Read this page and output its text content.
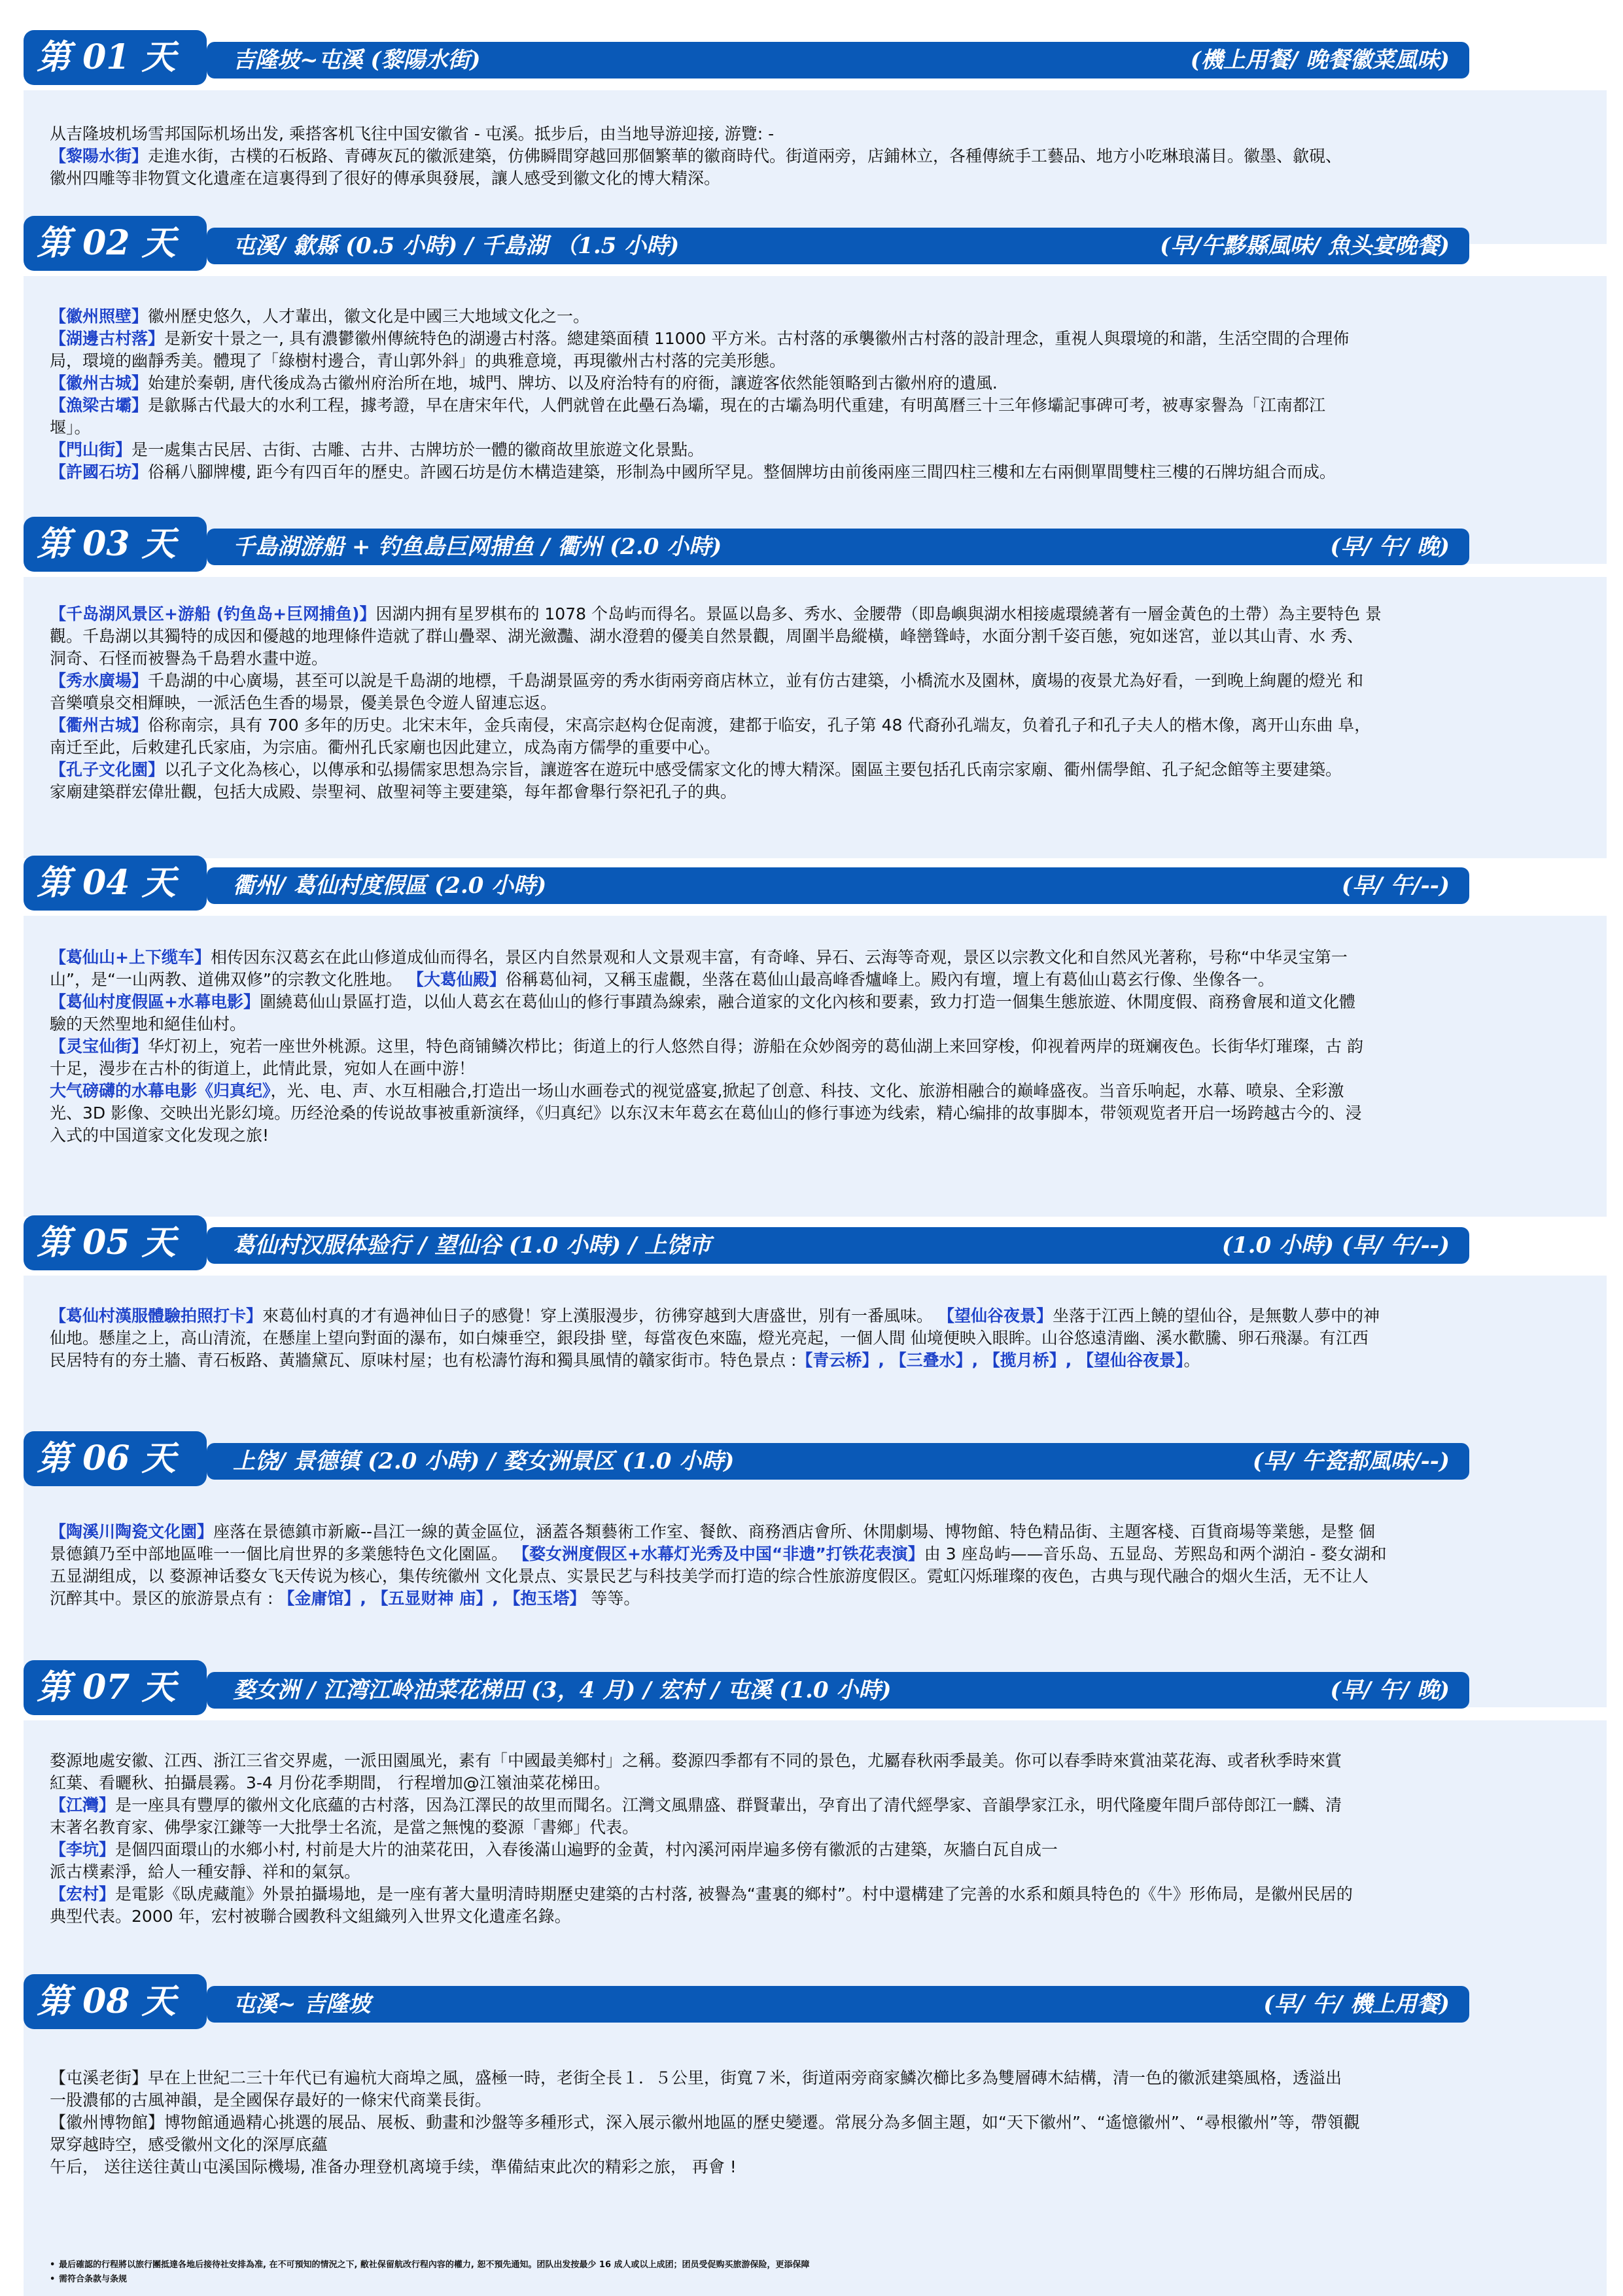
第 01 天	吉隆坡~屯溪 (黎陽水街)	(機上用餐/ 晚餐徽菜風味)

从吉隆坡机场雪邦国际机场出发, 乘搭客机飞往中国安徽省 - 屯溪。抵步后，由当地导游迎接, 游覽: -

【黎陽水街】走進水街，古樸的石板路、青磚灰瓦的徽派建築，仿佛瞬間穿越回那個繁華的徽商時代。街道兩旁，店鋪林立，各種傳統手工藝品、地方小吃琳琅滿目。徽墨、歙硯、

徽州四雕等非物質文化遺產在這裏得到了很好的傳承與發展，讓人感受到徽文化的博大精深。

第 02 天	屯溪/ 歙縣 (0.5 小時) / 千島湖 （1.5 小時)	(早/午黟縣風味/ 魚头宴晚餐)

【徽州照壁】徽州歷史悠久，人才輩出，徽文化是中國三大地域文化之一。

【湖邊古村落】是新安十景之一, 具有濃鬱徽州傳統特色的湖邊古村落。總建築面積 11000 平方米。古村落的承襲徽州古村落的設計理念，重視人與環境的和諧，生活空間的合理佈

局，環境的幽靜秀美。體現了「綠樹村邊合，青山郭外斜」的典雅意境，再現徽州古村落的完美形態。

【徽州古城】始建於秦朝, 唐代後成為古徽州府治所在地，城門、牌坊、以及府治特有的府衙，讓遊客依然能領略到古徽州府的遺風.

【漁梁古壩】是歙縣古代最大的水利工程，據考證，早在唐宋年代，人們就曾在此壘石為壩，現在的古壩為明代重建，有明萬曆三十三年修壩記事碑可考，被專家譽為「江南都江

堰」。

【門山街】是一處集古民居、古街、古雕、古井、古牌坊於一體的徽商故里旅遊文化景點。

【許國石坊】俗稱八腳牌樓, 距今有四百年的歷史。許國石坊是仿木構造建築，形制為中國所罕見。整個牌坊由前後兩座三間四柱三樓和左右兩側單間雙柱三樓的石牌坊組合而成。

第 03 天	千島湖游船 + 钓鱼島巨网捕鱼 / 衢州 (2.0 小時)	(早/ 午/ 晚)

【千岛湖风景区+游船 (钓鱼岛+巨网捕鱼)】因湖内拥有星罗棋布的 1078 个岛屿而得名。景區以島多、秀水、金腰帶（即島嶼與湖水相接處環繞著有一層金黃色的土帶）為主要特色 景

觀。千島湖以其獨特的成因和優越的地理條件造就了群山疊翠、湖光瀲灩、湖水澄碧的優美自然景觀，周圍半島縱橫，峰巒聳峙，水面分割千姿百態，宛如迷宮，並以其山青、水 秀、

洞奇、石怪而被譽為千島碧水畫中遊。

【秀水廣場】千島湖的中心廣場，甚至可以說是千島湖的地標，千島湖景區旁的秀水街兩旁商店林立，並有仿古建築，小橋流水及園林，廣場的夜景尤為好看，一到晚上絢麗的燈光 和

音樂噴泉交相輝映，一派活色生香的場景，優美景色令遊人留連忘返。

【衢州古城】俗称南宗，具有 700 多年的历史。北宋末年，金兵南侵，宋高宗赵构仓促南渡，建都于临安，孔子第 48 代裔孙孔端友，负着孔子和孔子夫人的楷木像，离开山东曲 阜，

南迁至此，后敕建孔氏家庙，为宗庙。衢州孔氏家廟也因此建立，成為南方儒學的重要中心。

【孔子文化園】以孔子文化為核心，以傳承和弘揚儒家思想為宗旨，讓遊客在遊玩中感受儒家文化的博大精深。園區主要包括孔氏南宗家廟、衢州儒學館、孔子紀念館等主要建築。

家廟建築群宏偉壯觀，包括大成殿、崇聖祠、啟聖祠等主要建築，每年都會舉行祭祀孔子的典。

第 04 天	衢州/ 葛仙村度假區 (2.0 小時)	(早/ 午/--)

【葛仙山+上下缆车】相传因东汉葛玄在此山修道成仙而得名，景区内自然景观和人文景观丰富，有奇峰、异石、云海等奇观，景区以宗教文化和自然风光著称，号称“中华灵宝第一

山”，是“一山两教、道佛双修”的宗教文化胜地。 【大葛仙殿】俗稱葛仙祠，又稱玉虛觀，坐落在葛仙山最高峰香爐峰上。殿內有壇，壇上有葛仙山葛玄行像、坐像各一。

【葛仙村度假區+水幕电影】圍繞葛仙山景區打造，以仙人葛玄在葛仙山的修行事蹟為線索，融合道家的文化內核和要素，致力打造一個集生態旅遊、休閒度假、商務會展和道文化體

驗的天然聖地和絕佳仙村。

【灵宝仙街】华灯初上，宛若一座世外桃源。这里，特色商铺鳞次栉比；街道上的行人悠然自得；游船在众妙阁旁的葛仙湖上来回穿梭，仰视着两岸的斑斓夜色。长街华灯璀璨，古 韵

十足，漫步在古朴的街道上，此情此景，宛如人在画中游！

大气磅礴的水幕电影《归真纪》，光、电、声、水互相融合,打造出一场山水画卷式的视觉盛宴,掀起了创意、科技、文化、旅游相融合的巅峰盛夜。当音乐响起，水幕、喷泉、全彩激

光、3D 影像、交映出光影幻境。历经沧桑的传说故事被重新演绎，《归真纪》以东汉末年葛玄在葛仙山的修行事迹为线索，精心编排的故事脚本，带领观览者开启一场跨越古今的、浸

入式的中国道家文化发现之旅!

第 05 天	葛仙村汉服体验行 / 望仙谷 (1.0 小時) / 上饶市	(1.0 小時) (早/ 午/--)

【葛仙村漢服體驗拍照打卡】來葛仙村真的才有過神仙日子的感覺！穿上漢服漫步，彷彿穿越到大唐盛世，別有一番風味。 【望仙谷夜景】坐落于江西上饒的望仙谷，是無數人夢中的神

仙地。懸崖之上，高山清流，在懸崖上望向對面的瀑布，如白煉垂空，銀段掛 壁，每當夜色來臨，燈光亮起，一個人間 仙境便映入眼眸。山谷悠遠清幽、溪水歡騰、卵石飛瀑。有江西

民居特有的夯土牆、青石板路、黃牆黛瓦、原味村屋；也有松濤竹海和獨具風情的贛家街市。特色景点 :【青云桥】, 【三叠水】, 【揽月桥】, 【望仙谷夜景】。

第 06 天	上饶/ 景德镇 (2.0 小時) / 婺女洲景区 (1.0 小時)	(早/ 午瓷都風味/--)

【陶溪川陶瓷文化園】座落在景德鎮市新廠--昌江一線的黃金區位，涵蓋各類藝術工作室、餐飲、商務酒店會所、休閒劇場、博物館、特色精品街、主題客棧、百貨商場等業態，是整 個

景德鎮乃至中部地區唯一一個比肩世界的多業態特色文化園區。 【婺女洲度假区+水幕灯光秀及中国“非遗”打铁花表演】由 3 座岛屿——音乐岛、五显岛、芳熙岛和两个湖泊 - 婺女湖和

五显湖组成，以 婺源神话婺女飞天传说为核心，集传统徽州 文化景点、实景民艺与科技美学而打造的综合性旅游度假区。霓虹闪烁璀璨的夜色，古典与现代融合的烟火生活，无不让人

沉醉其中。景区的旅游景点有 : 【金庸馆】, 【五显财神 庙】, 【抱玉塔】 等等。

第 07 天	婺女洲 / 江湾江岭油菜花梯田 (3，4 月) / 宏村 / 屯溪 (1.0 小時)	(早/ 午/ 晚)

婺源地處安徽、江西、浙江三省交界處，一派田園風光，素有「中國最美鄉村」之稱。婺源四季都有不同的景色，尤屬春秋兩季最美。你可以春季時來賞油菜花海、或者秋季時來賞

紅葉、看曬秋、拍攝晨霧。3-4 月份花季期間， 行程增加@江嶺油菜花梯田。

【江灣】是一座具有豐厚的徽州文化底蘊的古村落，因為江澤民的故里而聞名。江灣文風鼎盛、群賢輩出，孕育出了清代經學家、音韻學家江永，明代隆慶年間戶部侍郎江一麟、清

末著名教育家、佛學家江鎌等一大批學士名流，是當之無愧的婺源「書鄉」代表。

【李坑】是個四面環山的水鄉小村, 村前是大片的油菜花田，入春後滿山遍野的金黃，村內溪河兩岸遍多傍有徽派的古建築，灰牆白瓦自成一

派古樸素淨，給人一種安靜、祥和的氣氛。

【宏村】是電影《臥虎藏龍》外景拍攝場地，是一座有著大量明清時期歷史建築的古村落, 被譽為“畫裏的鄉村”。村中還構建了完善的水系和頗具特色的《牛》形佈局，是徽州民居的

典型代表。2000 年，宏村被聯合國教科文組織列入世界文化遺產名錄。

第 08 天	屯溪~ 吉隆坡	(早/ 午/ 機上用餐)

【屯溪老街】早在上世紀二三十年代已有遍杭大商埠之風，盛極一時，老街全長１．５公里，街寬７米，街道兩旁商家鱗次櫛比多為雙層磚木結構，清一色的徽派建築風格，透溢出

一股濃郁的古風神韻，是全國保存最好的一條宋代商業長街。

【徽州博物館】博物館通過精心挑選的展品、展板、動畫和沙盤等多種形式，深入展示徽州地區的歷史變遷。常展分為多個主題，如“天下徽州”、“遙憶徽州”、“尋根徽州”等，帶領觀

眾穿越時空，感受徽州文化的深厚底蘊

午后， 送往送往黃山屯溪国际機場, 准备办理登机离境手续，準備結束此次的精彩之旅， 再會 !

• 最后確認的行程將以旅行團抵達各地后接待社安排為准, 在不可預知的情況之下, 敝社保留航改行程內容的權力, 恕不預先通知。团队出发按最少 16 成人或以上成团；团员受促购买旅游保险，更添保障
• 需符合条款与条规
